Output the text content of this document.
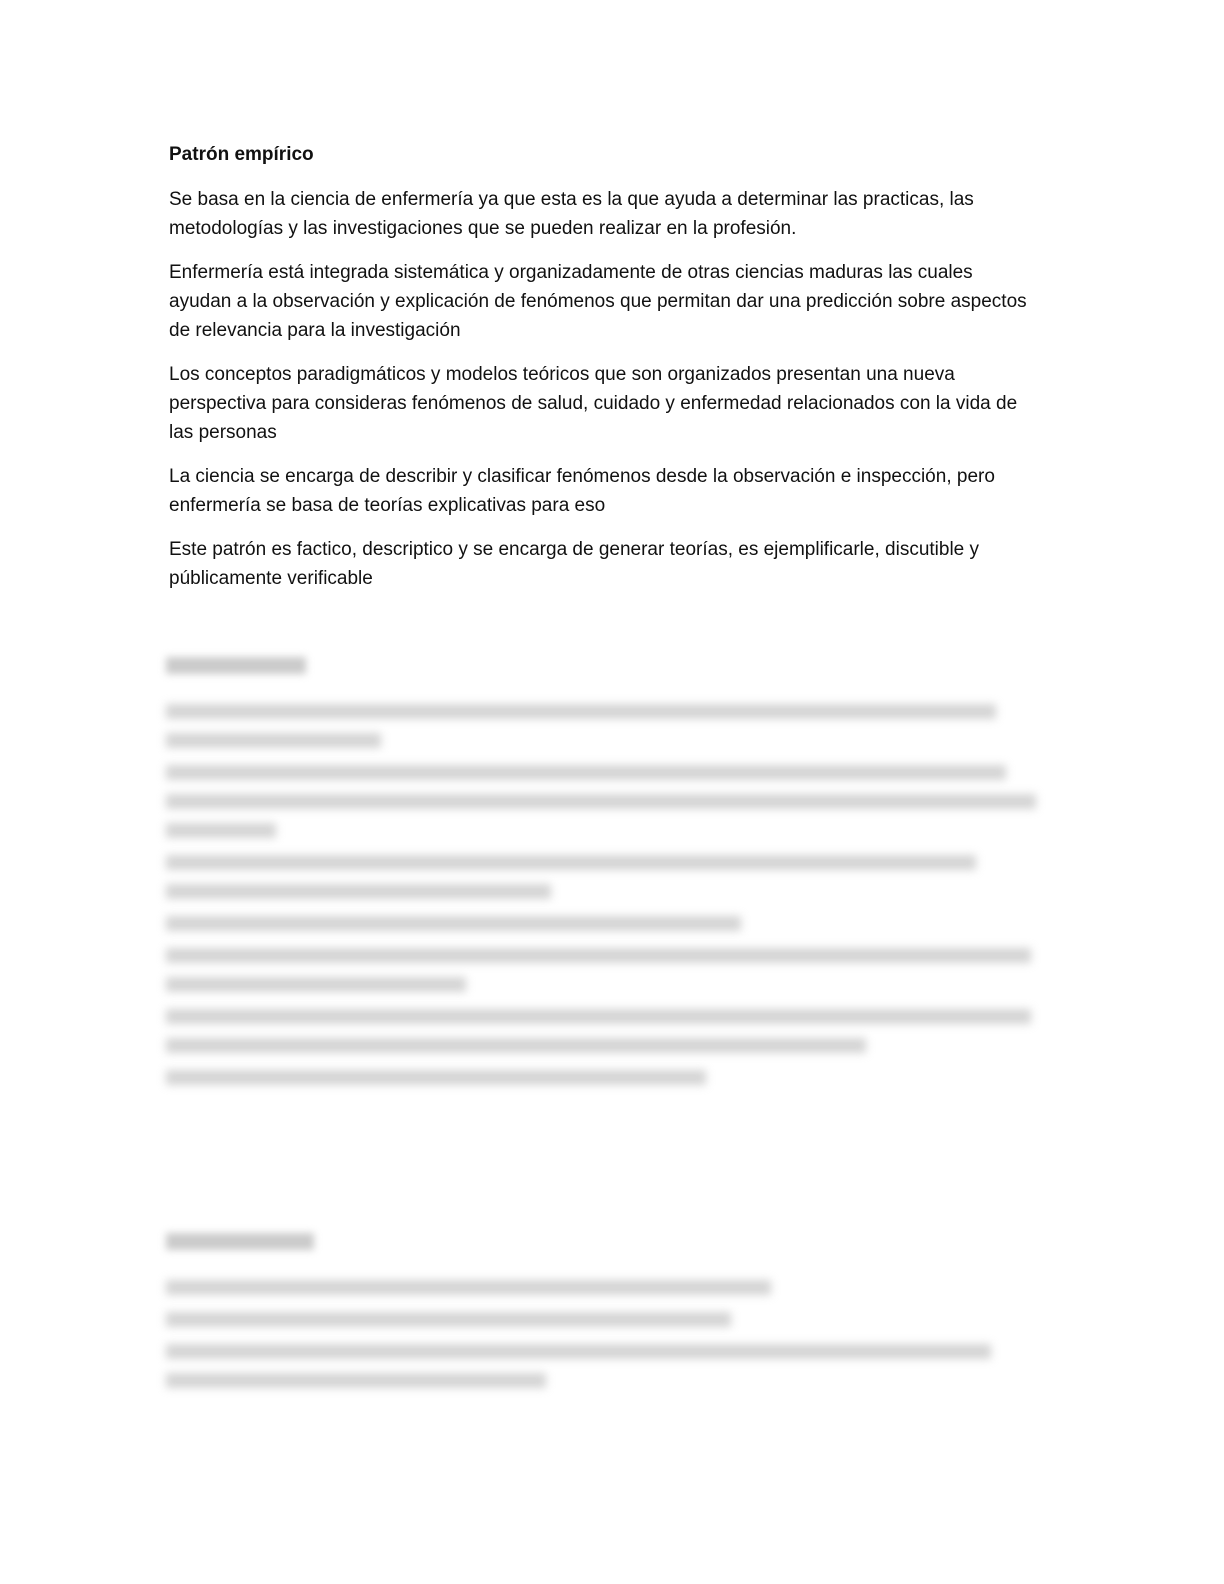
Patrón empírico

Se basa en la ciencia de enfermería ya que esta es la que ayuda a determinar las practicas, las metodologías y las investigaciones que se pueden realizar en la profesión.

Enfermería está integrada sistemática y organizadamente de otras ciencias maduras las cuales ayudan a la observación y explicación de fenómenos que permitan dar una predicción sobre aspectos de relevancia para la investigación

Los conceptos paradigmáticos y modelos teóricos que son organizados presentan una nueva perspectiva para consideras fenómenos de salud, cuidado y enfermedad relacionados con la vida de las personas

La ciencia se encarga de describir y clasificar fenómenos desde la observación e inspección, pero enfermería se basa de teorías explicativas para eso

Este patrón es factico, descriptico y se encarga de generar teorías, es ejemplificarle, discutible y públicamente verificable
